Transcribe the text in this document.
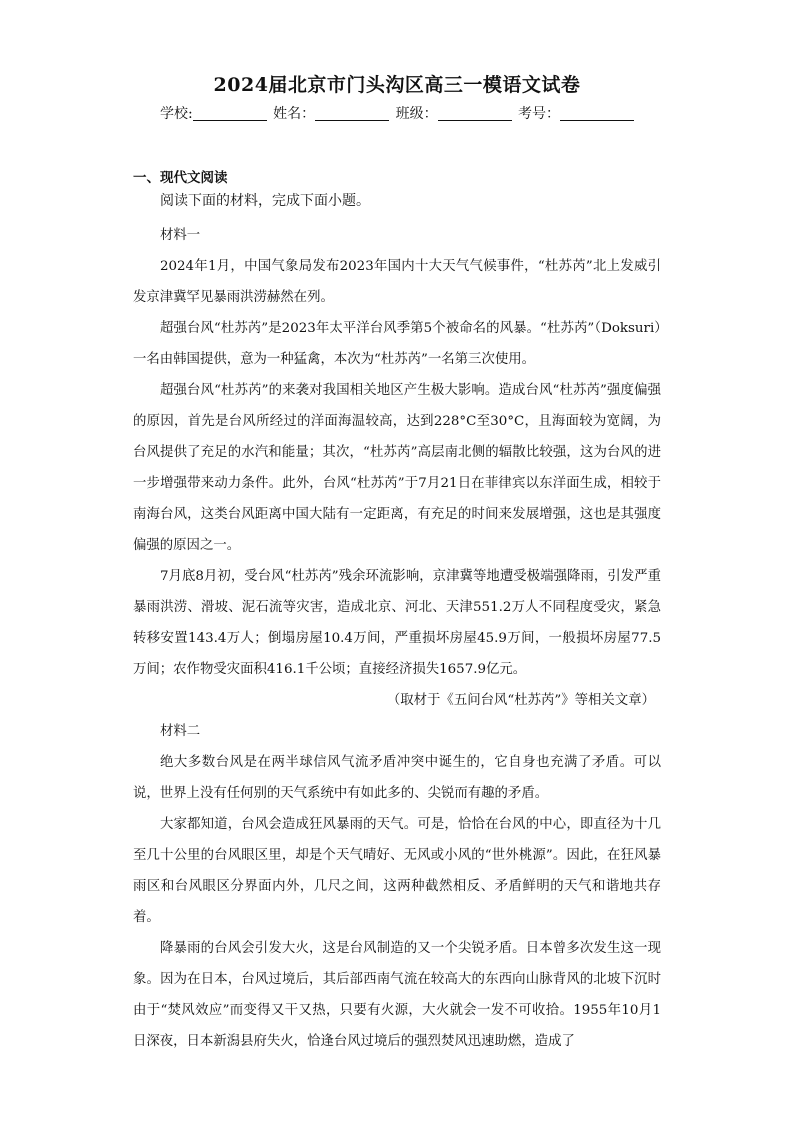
2024届北京市门头沟区高三一模语文试卷
学校:	姓名：	班级：	考号：
一、现代文阅读
阅读下面的材料，完成下面小题。
材料一

2024年1月，中国气象局发布2023年国内十大天气气候事件，“杜苏芮”北上发威引发京津冀罕见暴雨洪涝赫然在列。

超强台风“杜苏芮”是2023年太平洋台风季第5个被命名的风暴。“杜苏芮”（Doksuri）一名由韩国提供，意为一种猛禽，本次为“杜苏芮”一名第三次使用。

超强台风“杜苏芮”的来袭对我国相关地区产生极大影响。造成台风“杜苏芮”强度偏强的原因，首先是台风所经过的洋面海温较高，达到228°C至30°C，且海面较为宽阔，为台风提供了充足的水汽和能量；其次，“杜苏芮”高层南北侧的辐散比较强，这为台风的进一步增强带来动力条件。此外，台风“杜苏芮”于7月21日在菲律宾以东洋面生成，相较于南海台风，这类台风距离中国大陆有一定距离，有充足的时间来发展增强，这也是其强度偏强的原因之一。

7月底8月初，受台风“杜苏芮”残余环流影响，京津冀等地遭受极端强降雨，引发严重暴雨洪涝、滑坡、泥石流等灾害，造成北京、河北、天津551.2万人不同程度受灾，紧急转移安置143.4万人；倒塌房屋10.4万间，严重损坏房屋45.9万间，一般损坏房屋77.5万间；农作物受灾面积416.1千公顷；直接经济损失1657.9亿元。

（取材于《五问台风“杜苏芮”》等相关文章）
材料二

绝大多数台风是在两半球信风气流矛盾冲突中诞生的，它自身也充满了矛盾。可以说，世界上没有任何别的天气系统中有如此多的、尖锐而有趣的矛盾。

大家都知道，台风会造成狂风暴雨的天气。可是，恰恰在台风的中心，即直径为十几至几十公里的台风眼区里，却是个天气晴好、无风或小风的“世外桃源”。因此，在狂风暴雨区和台风眼区分界面内外，几尺之间，这两种截然相反、矛盾鲜明的天气和谐地共存着。

降暴雨的台风会引发大火，这是台风制造的又一个尖锐矛盾。日本曾多次发生这一现象。因为在日本，台风过境后，其后部西南气流在较高大的东西向山脉背风的北坡下沉时由于“焚风效应”而变得又干又热，只要有火源，大火就会一发不可收拾。1955年10月1日深夜，日本新潟县府失火，恰逢台风过境后的强烈焚风迅速助燃，造成了
